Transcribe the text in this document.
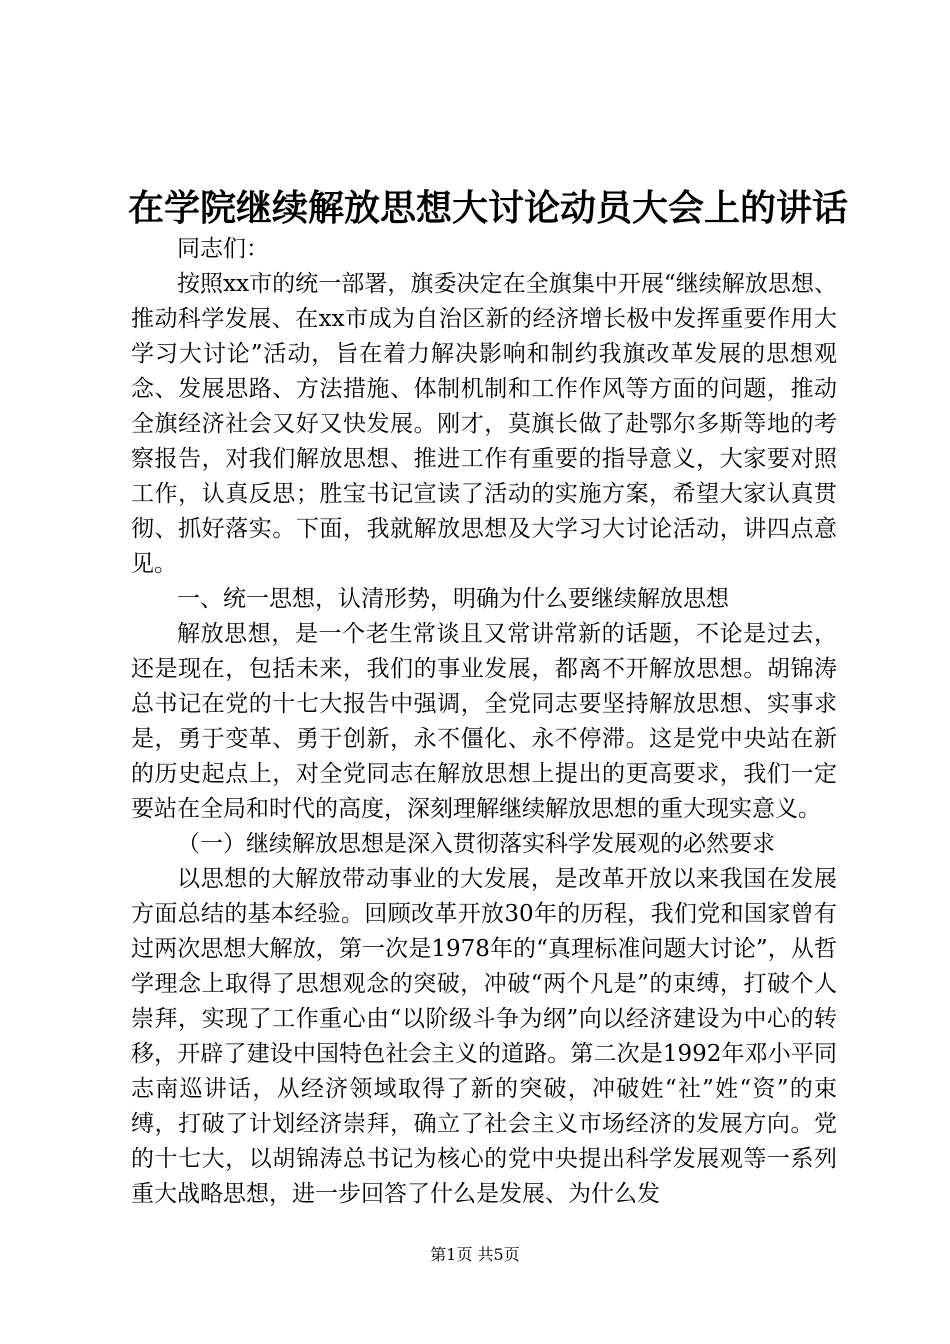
在学院继续解放思想大讨论动员大会上的讲话

同志们：

按照xx市的统一部署，旗委决定在全旗集中开展“继续解放思想、推动科学发展、在xx市成为自治区新的经济增长极中发挥重要作用大学习大讨论”活动，旨在着力解决影响和制约我旗改革发展的思想观念、发展思路、方法措施、体制机制和工作作风等方面的问题，推动全旗经济社会又好又快发展。刚才，莫旗长做了赴鄂尔多斯等地的考察报告，对我们解放思想、推进工作有重要的指导意义，大家要对照工作，认真反思；胜宝书记宣读了活动的实施方案，希望大家认真贯彻、抓好落实。下面，我就解放思想及大学习大讨论活动，讲四点意见。

一、统一思想，认清形势，明确为什么要继续解放思想

解放思想，是一个老生常谈且又常讲常新的话题，不论是过去，还是现在，包括未来，我们的事业发展，都离不开解放思想。胡锦涛总书记在党的十七大报告中强调，全党同志要坚持解放思想、实事求是，勇于变革、勇于创新，永不僵化、永不停滞。这是党中央站在新的历史起点上，对全党同志在解放思想上提出的更高要求，我们一定要站在全局和时代的高度，深刻理解继续解放思想的重大现实意义。

（一）继续解放思想是深入贯彻落实科学发展观的必然要求

以思想的大解放带动事业的大发展，是改革开放以来我国在发展方面总结的基本经验。回顾改革开放30年的历程，我们党和国家曾有过两次思想大解放，第一次是1978年的“真理标准问题大讨论”，从哲学理念上取得了思想观念的突破，冲破“两个凡是”的束缚，打破个人崇拜，实现了工作重心由“以阶级斗争为纲”向以经济建设为中心的转移，开辟了建设中国特色社会主义的道路。第二次是1992年邓小平同志南巡讲话，从经济领域取得了新的突破，冲破姓“社”姓“资”的束缚，打破了计划经济崇拜，确立了社会主义市场经济的发展方向。党的十七大，以胡锦涛总书记为核心的党中央提出科学发展观等一系列重大战略思想，进一步回答了什么是发展、为什么发

第1页 共5页
